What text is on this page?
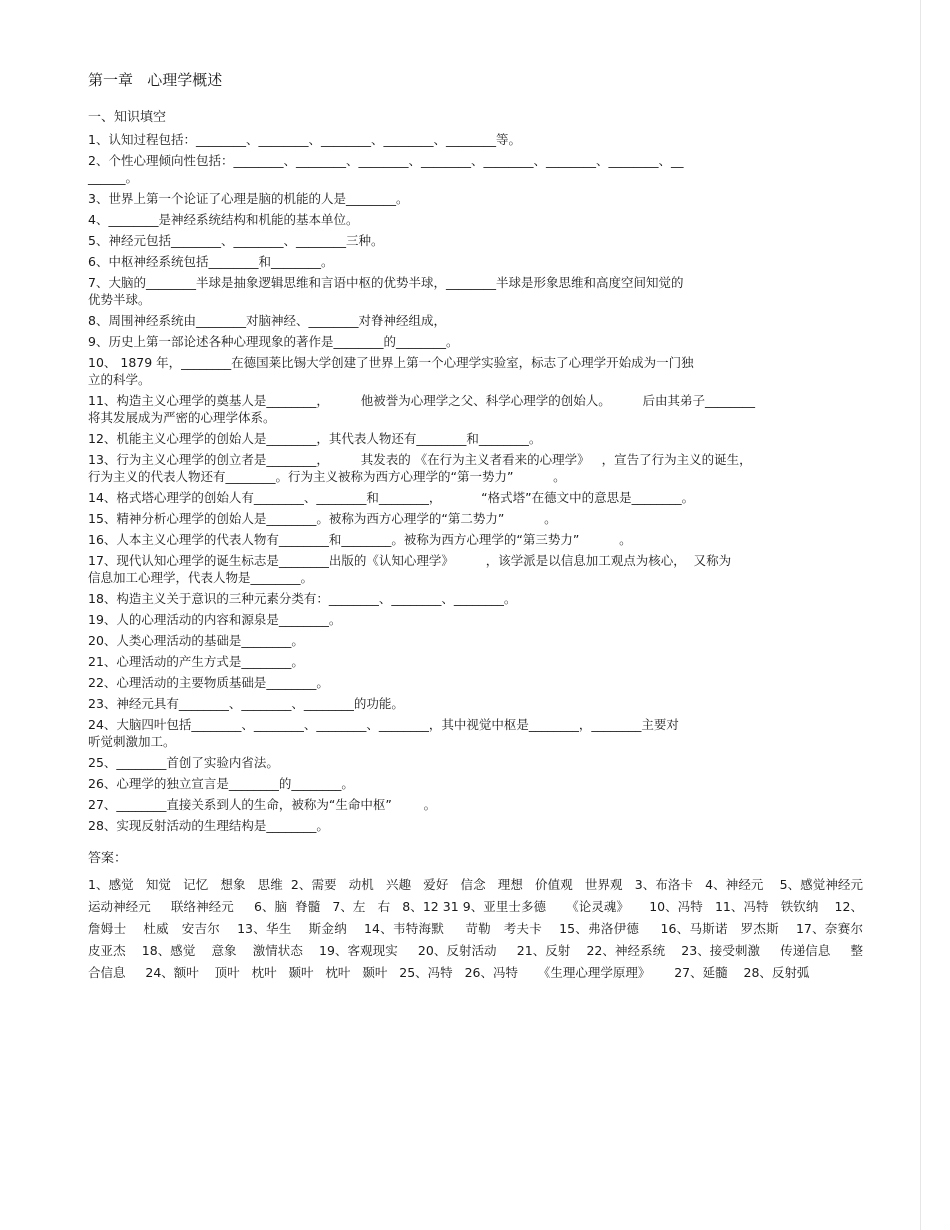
第一章   心理学概述
一、知识填空
1、认知过程包括：________、________、________、________、________等。
2、个性心理倾向性包括：________、________、________、________、________、________、________、__
______。
3、世界上第一个论证了心理是脑的机能的人是________。
4、________是神经系统结构和机能的基本单位。
5、神经元包括________、________、________三种。
6、中枢神经系统包括________和________。
7、大脑的________半球是抽象逻辑思维和言语中枢的优势半球，________半球是形象思维和高度空间知觉的
优势半球。
8、周围神经系统由________对脑神经、________对脊神经组成，
9、历史上第一部论述各种心理现象的著作是________的________。
10、 1879 年，________在德国莱比锡大学创建了世界上第一个心理学实验室，标志了心理学开始成为一门独
立的科学。
11、构造主义心理学的奠基人是________，        他被誉为心理学之父、科学心理学的创始人。        后由其弟子________
将其发展成为严密的心理学体系。
12、机能主义心理学的创始人是________，其代表人物还有________和________。
13、行为主义心理学的创立者是________，        其发表的 《在行为主义者看来的心理学》   ，宣告了行为主义的诞生，
行为主义的代表人物还有________。行为主义被称为西方心理学的“第一势力”          。
14、格式塔心理学的创始人有________、________和________，          “格式塔”在德文中的意思是________。
15、精神分析心理学的创始人是________。被称为西方心理学的“第二势力”          。
16、人本主义心理学的代表人物有________和________。被称为西方心理学的“第三势力”          。
17、现代认知心理学的诞生标志是________出版的《认知心理学》        ，该学派是以信息加工观点为核心，  又称为
信息加工心理学，代表人物是________。
18、构造主义关于意识的三种元素分类有：________、________、________。
19、人的心理活动的内容和源泉是________。
20、人类心理活动的基础是________。
21、心理活动的产生方式是________。
22、心理活动的主要物质基础是________。
23、神经元具有________、________、________的功能。
24、大脑四叶包括________、________、________、________，其中视觉中枢是________，________主要对
听觉刺激加工。
25、________首创了实验内省法。
26、心理学的独立宣言是________的________。
27、________直接关系到人的生命，被称为“生命中枢”        。
28、实现反射活动的生理结构是________。
答案：
1、感觉   知觉   记忆   想象   思维  2、需要   动机   兴趣   爱好   信念   理想   价值观   世界观   3、布洛卡   4、神经元    5、感觉神经元     运动神经元     联络神经元     6、脑  脊髓   7、左   右   8、12 31 9、亚里士多德     《论灵魂》     10、冯特   11、冯特   铁钦纳    12、詹姆士    杜威   安吉尔    13、华生    斯金纳    14、韦特海默     苛勒   考夫卡    15、弗洛伊德     16、马斯诺   罗杰斯    17、奈赛尔    皮亚杰    18、感觉    意象    激情状态    19、客观现实     20、反射活动     21、反射    22、神经系统    23、接受刺激     传递信息     整合信息     24、额叶    顶叶   枕叶   颞叶   枕叶   颞叶   25、冯特   26、冯特     《生理心理学原理》      27、延髓    28、反射弧
